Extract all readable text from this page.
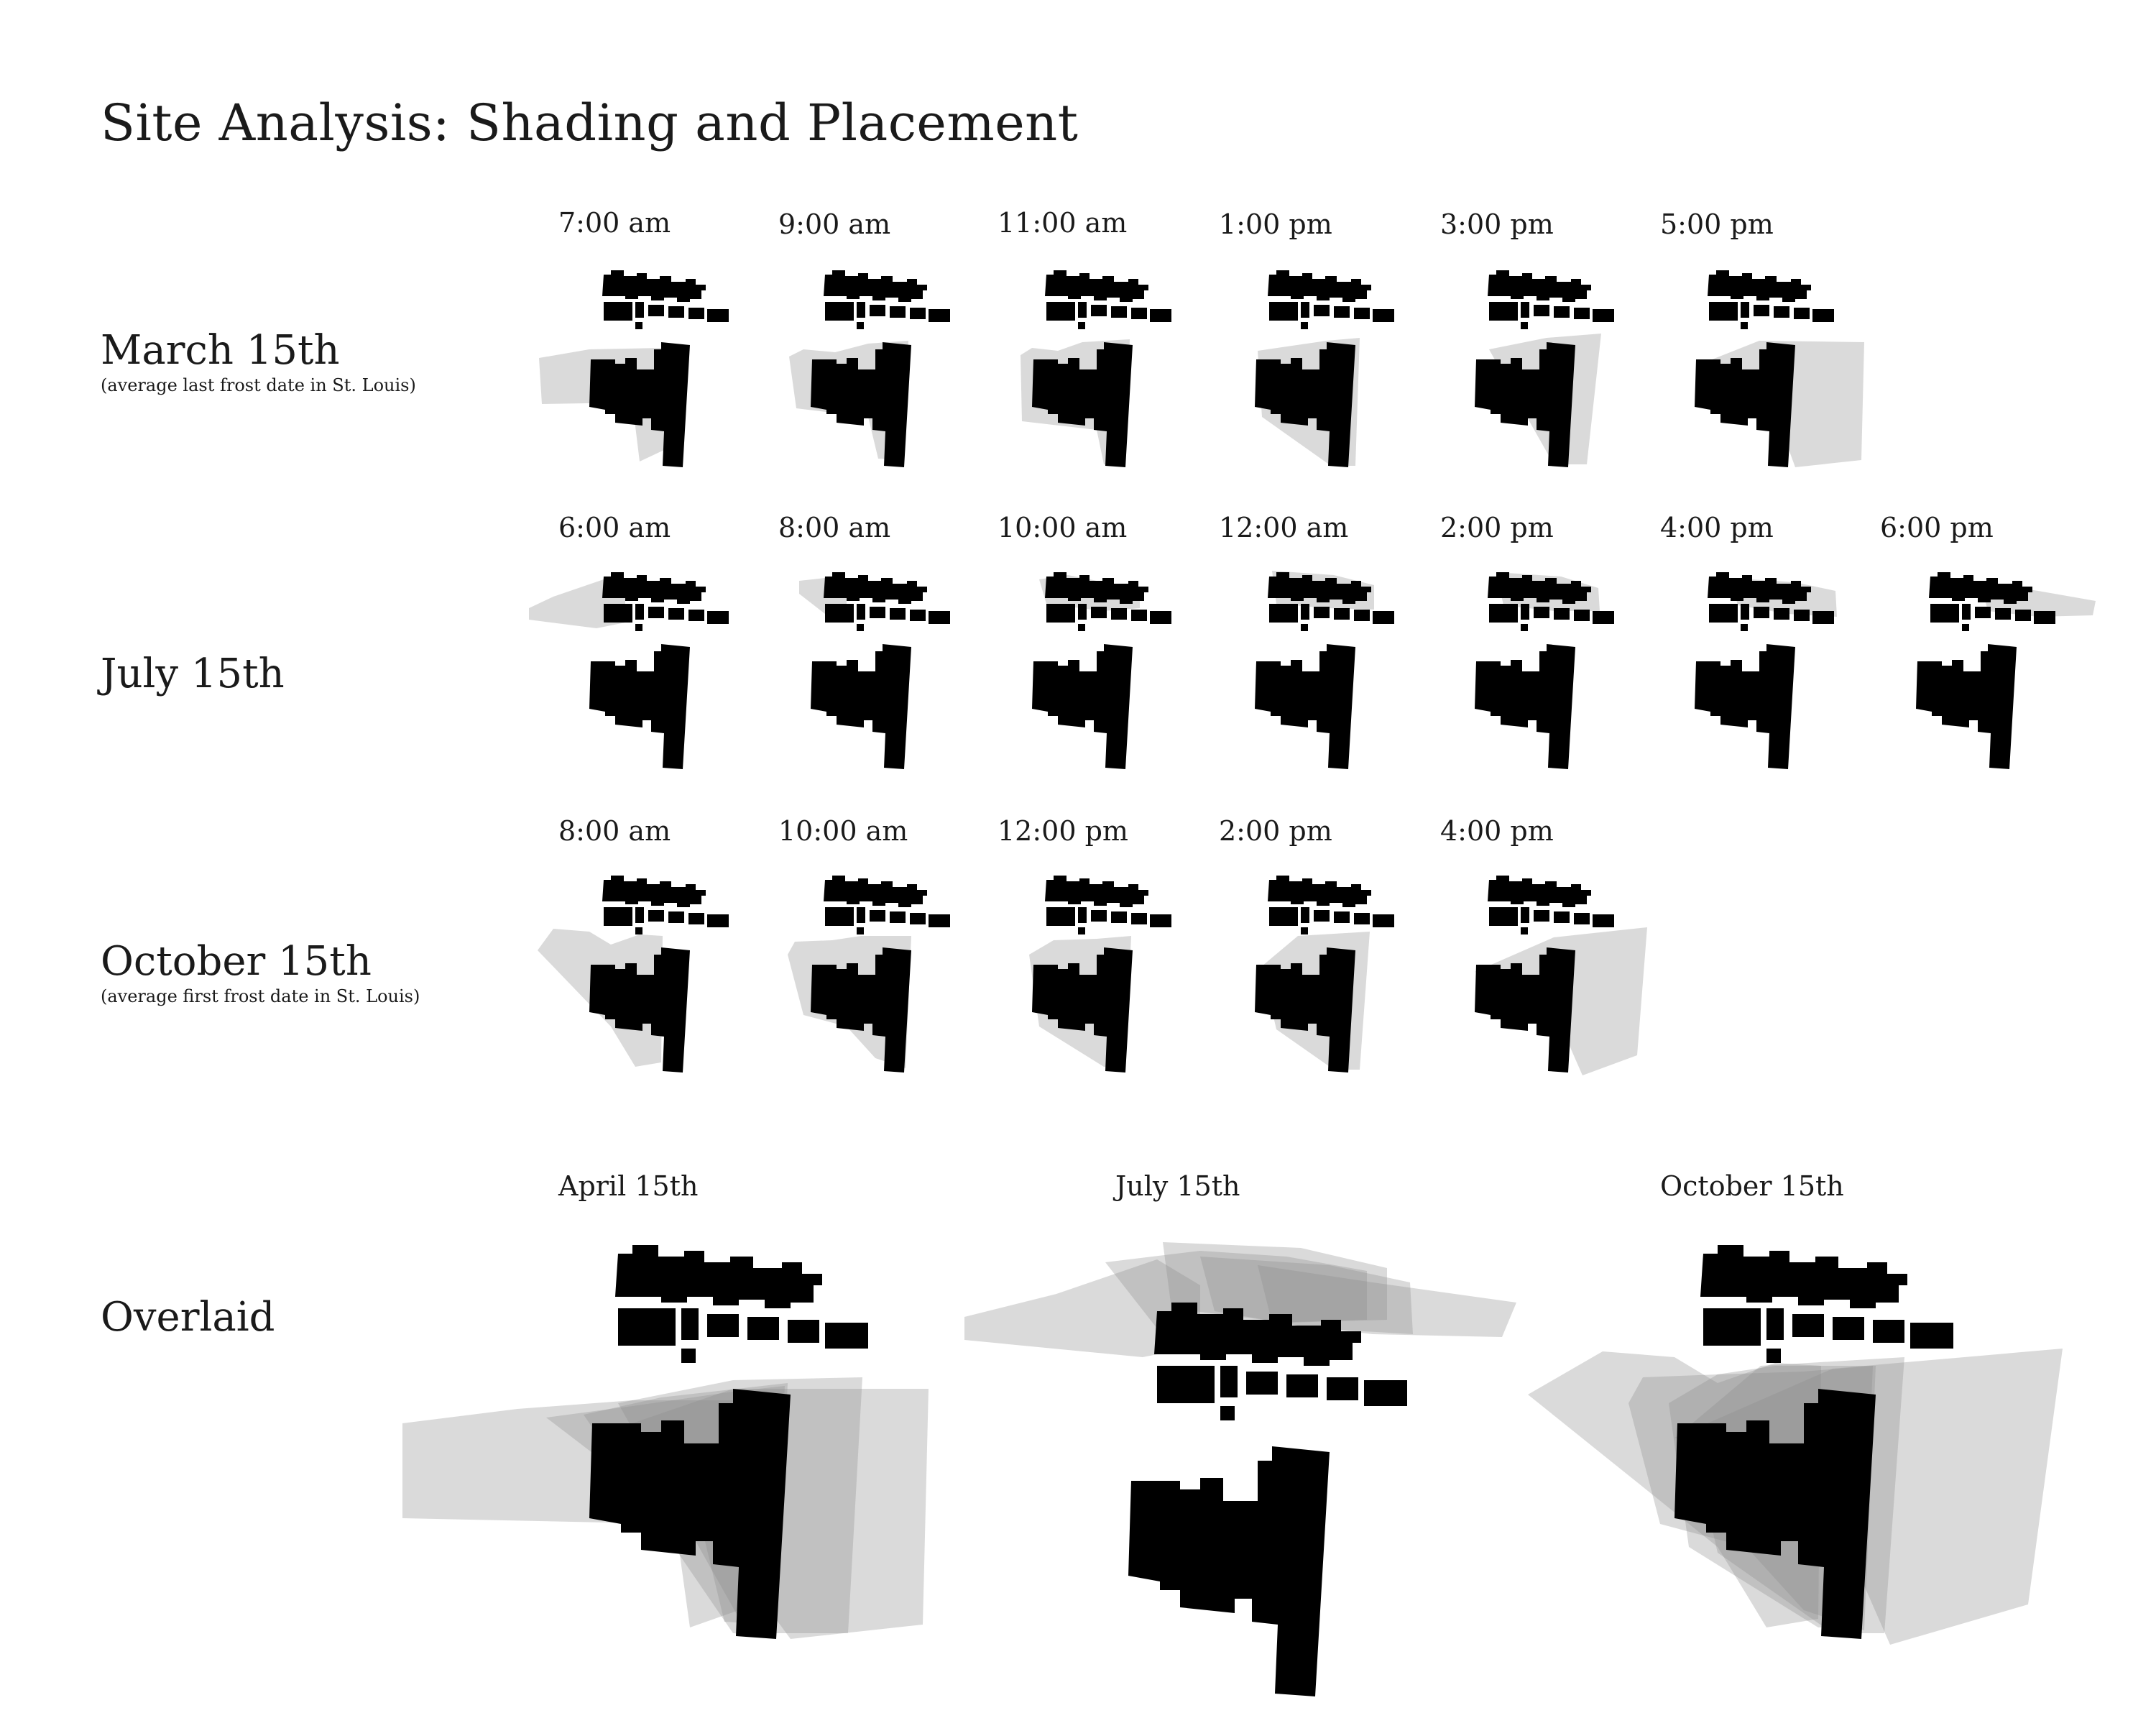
Site Analysis: Shading and Placement
March 15th
(average last frost date in St. Louis)
July 15th
October 15th
(average first frost date in St. Louis)
Overlaid
7:00 am	9:00 am	11:00 am	1:00 pm	3:00 pm	5:00 pm
6:00 am	8:00 am	10:00 am	12:00 am	2:00 pm	4:00 pm	6:00 pm
8:00 am	10:00 am	12:00 pm	2:00 pm	4:00 pm
April 15th	July 15th	October 15th
